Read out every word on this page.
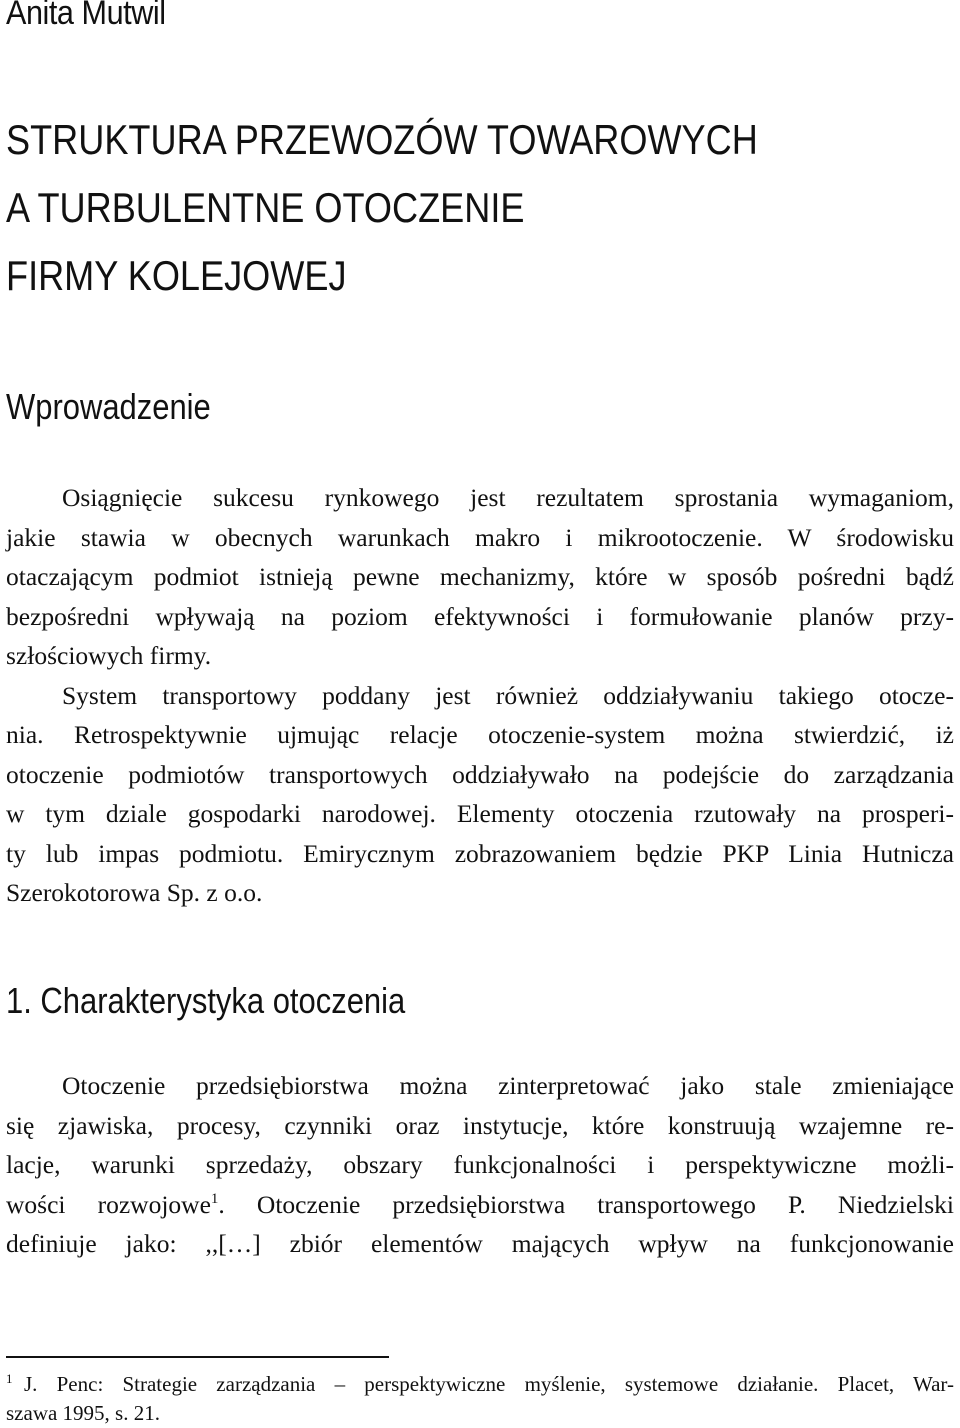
Anita Mutwil
STRUKTURA PRZEWOZÓW TOWAROWYCH
A TURBULENTNE OTOCZENIE
FIRMY KOLEJOWEJ
Wprowadzenie
Osiągnięcie sukcesu rynkowego jest rezultatem sprostania wymaganiom,
jakie stawia w obecnych warunkach makro i mikrootoczenie. W środowisku
otaczającym podmiot istnieją pewne mechanizmy, które w sposób pośredni bądź
bezpośredni wpływają na poziom efektywności i formułowanie planów przy-
szłościowych firmy.
System transportowy poddany jest również oddziaływaniu takiego otocze-
nia. Retrospektywnie ujmując relacje otoczenie-system można stwierdzić, iż
otoczenie podmiotów transportowych oddziaływało na podejście do zarządzania
w tym dziale gospodarki narodowej. Elementy otoczenia rzutowały na prosperi-
ty lub impas podmiotu. Emirycznym zobrazowaniem będzie PKP Linia Hutnicza
Szerokotorowa Sp. z o.o.
1. Charakterystyka otoczenia
Otoczenie przedsiębiorstwa można zinterpretować jako stale zmieniające
się zjawiska, procesy, czynniki oraz instytucje, które konstruują wzajemne re-
lacje, warunki sprzedaży, obszary funkcjonalności i perspektywiczne możli-
wości rozwojowe$^1$. Otoczenie przedsiębiorstwa transportowego P. Niedzielski
definiuje jako: ,,[…] zbiór elementów mających wpływ na funkcjonowanie
1 J. Penc: Strategie zarządzania – perspektywiczne myślenie, systemowe działanie. Placet, War-
szawa 1995, s. 21.
